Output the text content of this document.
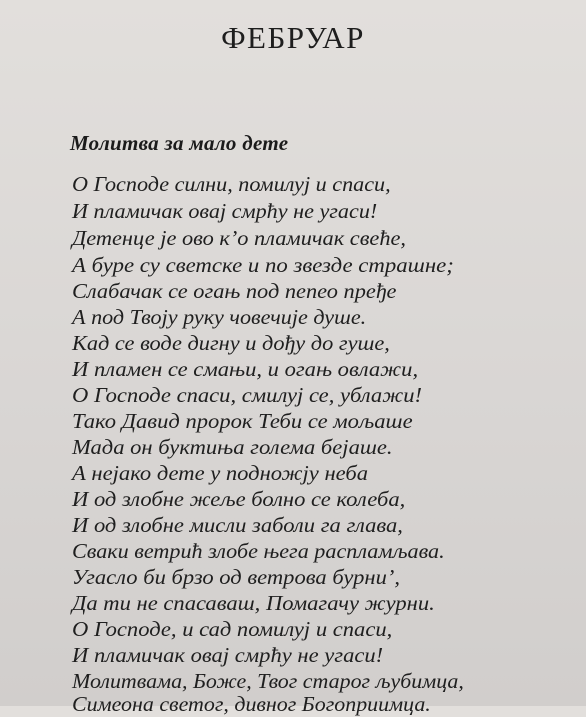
ФЕБРУАР
Молитва за мало дете
О Господе силни, помилуј и спаси,
И пламичак овај смрћу не угаси!
Детенце је ово к’о пламичак свеће,
А буре су светске и по звезде страшне;
Слабачак се огањ под пепео пређе
А под Твоју руку човечије душе.
Кад се воде дигну и дођу до гуше,
И пламен се смањи, и огањ овлажи,
О Господе спаси, смилуј се, ублажи!
Тако Давид пророк Теби се мољаше
Мада он буктиња голема бејаше.
А нејако дете у подножју неба
И од злобне жеље болно се колеба,
И од злобне мисли заболи га глава,
Сваки ветрић злобе њега распламљава.
Угасло би брзо од ветрова бурни’,
Да ти не спасаваш, Помагачу журни.
О Господе, и сад помилуј и спаси,
И пламичак овај смрћу не угаси!
Молитвама, Боже, Твог старог љубимца,
Симеона светог, дивног Богоприимца.
